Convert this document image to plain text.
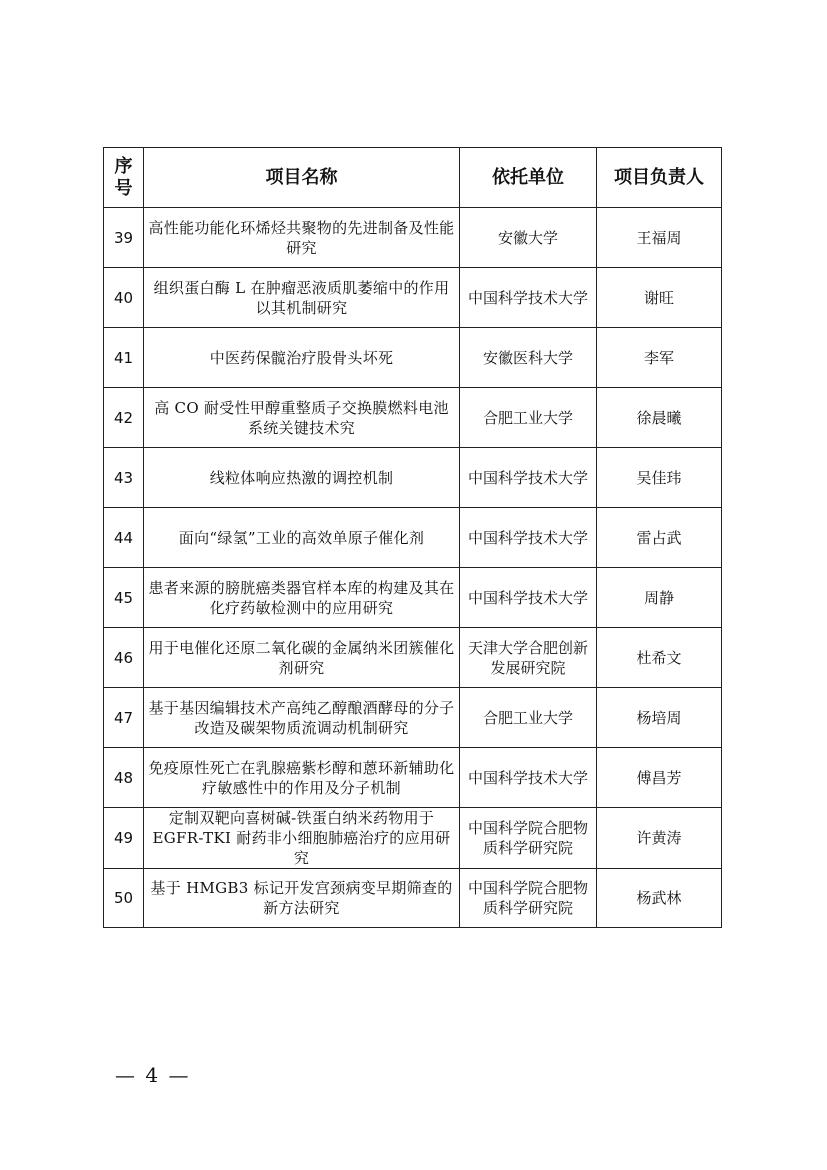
序号	项目名称	依托单位	项目负责人
39	高性能功能化环烯烃共聚物的先进制备及性能研究	安徽大学	王福周
40	组织蛋白酶 L 在肿瘤恶液质肌萎缩中的作用以其机制研究	中国科学技术大学	谢旺
41	中医药保髋治疗股骨头坏死	安徽医科大学	李军
42	高 CO 耐受性甲醇重整质子交换膜燃料电池系统关键技术究	合肥工业大学	徐晨曦
43	线粒体响应热激的调控机制	中国科学技术大学	吴佳玮
44	面向“绿氢”工业的高效单原子催化剂	中国科学技术大学	雷占武
45	患者来源的膀胱癌类器官样本库的构建及其在化疗药敏检测中的应用研究	中国科学技术大学	周静
46	用于电催化还原二氧化碳的金属纳米团簇催化剂研究	天津大学合肥创新发展研究院	杜希文
47	基于基因编辑技术产高纯乙醇酿酒酵母的分子改造及碳架物质流调动机制研究	合肥工业大学	杨培周
48	免疫原性死亡在乳腺癌紫杉醇和蒽环新辅助化疗敏感性中的作用及分子机制	中国科学技术大学	傅昌芳
49	定制双靶向喜树碱-铁蛋白纳米药物用于 EGFR-TKI 耐药非小细胞肺癌治疗的应用研究	中国科学院合肥物质科学研究院	许黄涛
50	基于 HMGB3 标记开发宫颈病变早期筛查的新方法研究	中国科学院合肥物质科学研究院	杨武林
— 4 —
